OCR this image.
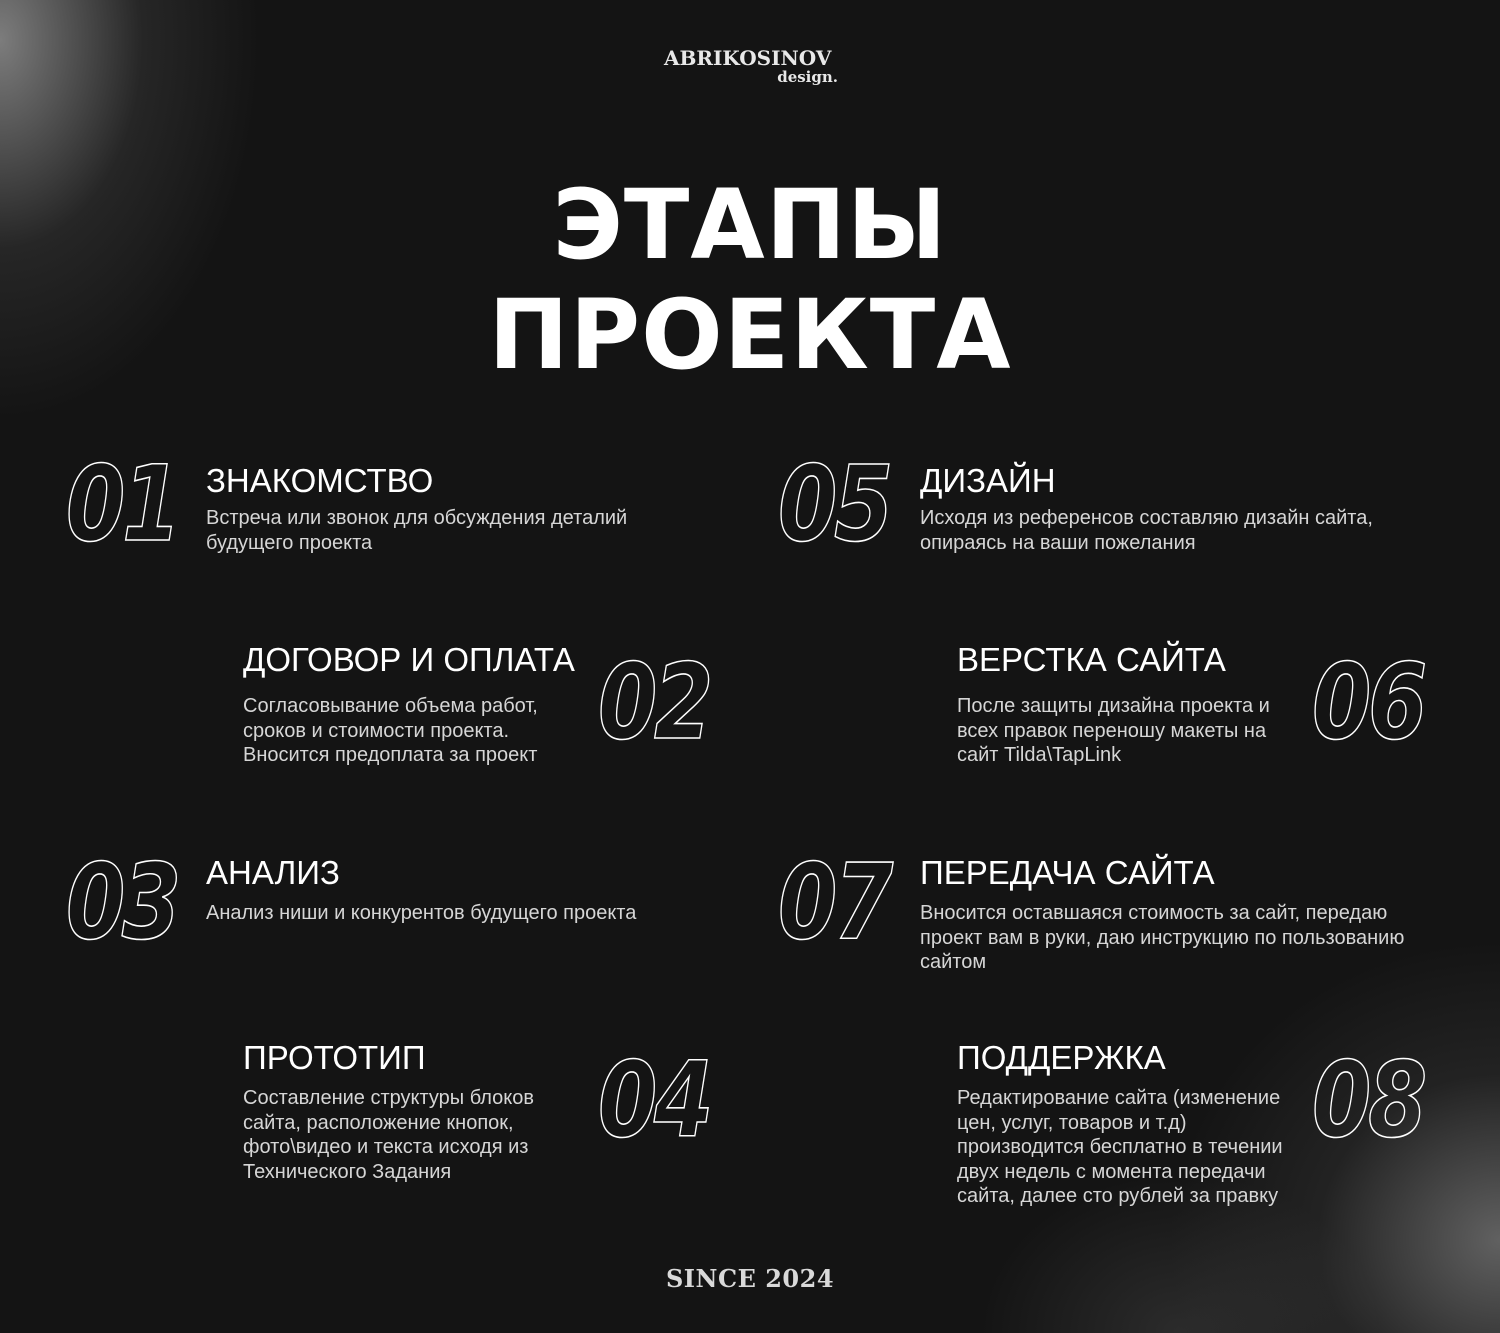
ABRIKOSINOV
design.
ЭТАПЫ
ПРОЕКТА
01 ЗНАКОМСТВО
Встреча или звонок для обсуждения деталий будущего проекта
ДОГОВОР И ОПЛАТА
Согласовывание объема работ, сроков и стоимости проекта. Вносится предоплата за проект 02
03 АНАЛИЗ
Анализ ниши и конкурентов будущего проекта
ПРОТОТИП
Составление структуры блоков сайта, расположение кнопок, фото\видео и текста исходя из Технического Задания
04
05 ДИЗАЙН
Исходя из референсов составляю дизайн сайта, опираясь на ваши пожелания
ВЕРСТКА САЙТА
После защиты дизайна проекта и всех правок переношу макеты на сайт Tilda\TapLink	06
07 ПЕРЕДАЧА САЙТА
Вносится оставшаяся стоимость за сайт, передаю проект вам в руки, даю инструкцию по пользованию сайтом
ПОДДЕРЖКА
Редактирование сайта (изменение цен, услуг, товаров и т.д) производится бесплатно в течении двух недель с момента передачи сайта, далее сто рублей за правку
08
SINCE 2024
